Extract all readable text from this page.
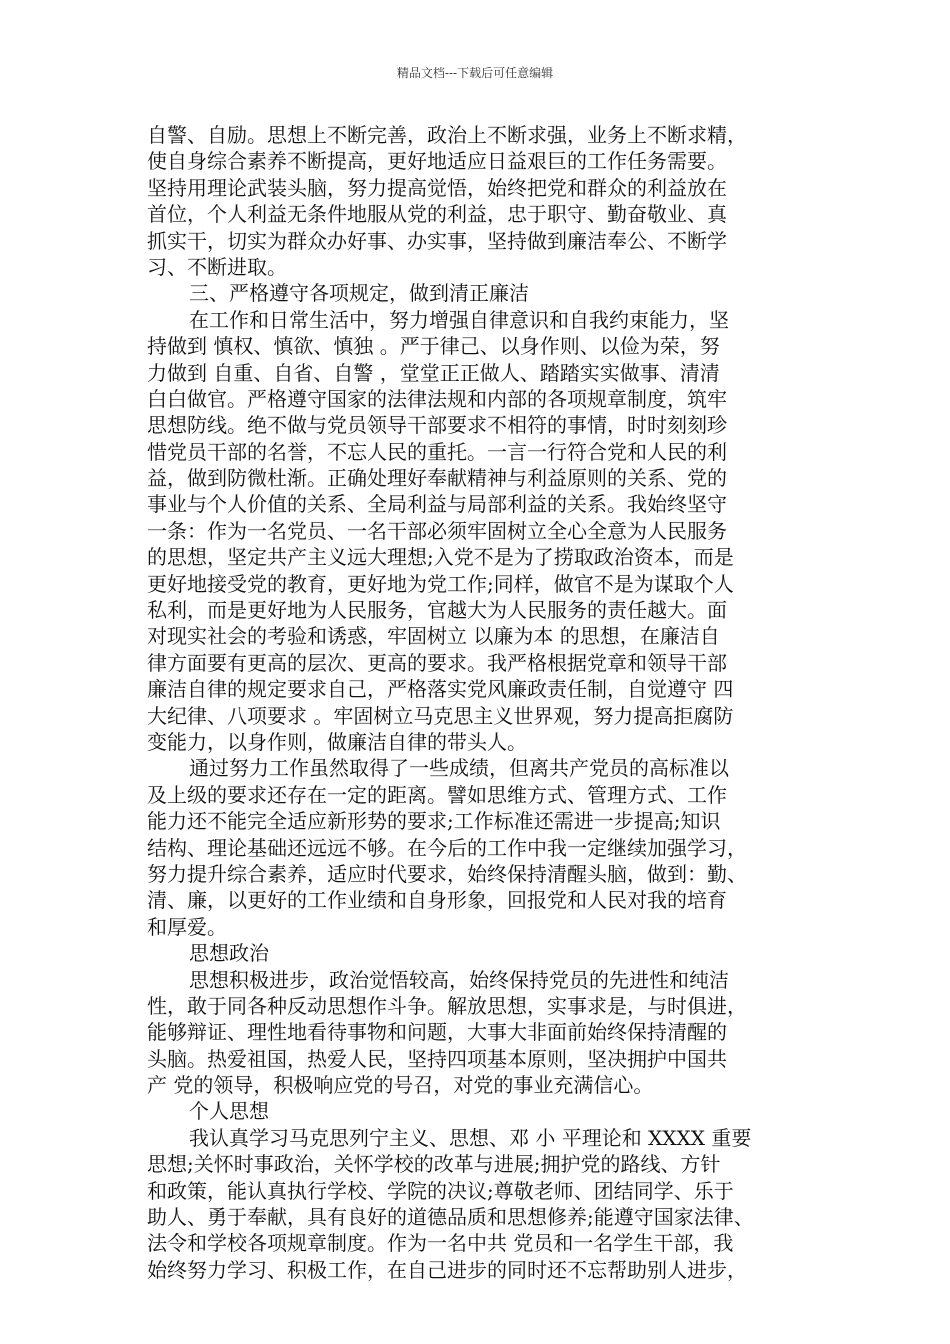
精品文档---下载后可任意编辑
自警、自励。思想上不断完善，政治上不断求强，业务上不断求精，
使自身综合素养不断提高，更好地适应日益艰巨的工作任务需要。
坚持用理论武装头脑，努力提高觉悟，始终把党和群众的利益放在
首位，个人利益无条件地服从党的利益，忠于职守、勤奋敬业、真
抓实干，切实为群众办好事、办实事，坚持做到廉洁奉公、不断学
习、不断进取。
三、严格遵守各项规定，做到清正廉洁
在工作和日常生活中，努力增强自律意识和自我约束能力，坚
持做到 慎权、慎欲、慎独 。严于律己、以身作则、以俭为荣，努
力做到 自重、自省、自警 ，堂堂正正做人、踏踏实实做事、清清
白白做官。严格遵守国家的法律法规和内部的各项规章制度，筑牢
思想防线。绝不做与党员领导干部要求不相符的事情，时时刻刻珍
惜党员干部的名誉，不忘人民的重托。一言一行符合党和人民的利
益，做到防微杜渐。正确处理好奉献精神与利益原则的关系、党的
事业与个人价值的关系、全局利益与局部利益的关系。我始终坚守
一条：作为一名党员、一名干部必须牢固树立全心全意为人民服务
的思想，坚定共产主义远大理想;入党不是为了捞取政治资本，而是
更好地接受党的教育，更好地为党工作;同样，做官不是为谋取个人
私利，而是更好地为人民服务，官越大为人民服务的责任越大。面
对现实社会的考验和诱惑，牢固树立 以廉为本 的思想，在廉洁自
律方面要有更高的层次、更高的要求。我严格根据党章和领导干部
廉洁自律的规定要求自己，严格落实党风廉政责任制，自觉遵守 四
大纪律、八项要求 。牢固树立马克思主义世界观，努力提高拒腐防
变能力，以身作则，做廉洁自律的带头人。
通过努力工作虽然取得了一些成绩，但离共产党员的高标准以
及上级的要求还存在一定的距离。譬如思维方式、管理方式、工作
能力还不能完全适应新形势的要求;工作标准还需进一步提高;知识
结构、理论基础还远远不够。在今后的工作中我一定继续加强学习，
努力提升综合素养，适应时代要求，始终保持清醒头脑，做到：勤、
清、廉，以更好的工作业绩和自身形象，回报党和人民对我的培育
和厚爱。
思想政治
思想积极进步，政治觉悟较高，始终保持党员的先进性和纯洁
性，敢于同各种反动思想作斗争。解放思想，实事求是，与时俱进，
能够辩证、理性地看待事物和问题，大事大非面前始终保持清醒的
头脑。热爱祖国，热爱人民，坚持四项基本原则，坚决拥护中国共
产 党的领导，积极响应党的号召，对党的事业充满信心。
个人思想
我认真学习马克思列宁主义、思想、邓 小 平理论和 XXXX 重要
思想;关怀时事政治，关怀学校的改革与进展;拥护党的路线、方针
和政策，能认真执行学校、学院的决议;尊敬老师、团结同学、乐于
助人、勇于奉献，具有良好的道德品质和思想修养;能遵守国家法律、
法令和学校各项规章制度。作为一名中共 党员和一名学生干部，我
始终努力学习、积极工作，在自己进步的同时还不忘帮助别人进步，
